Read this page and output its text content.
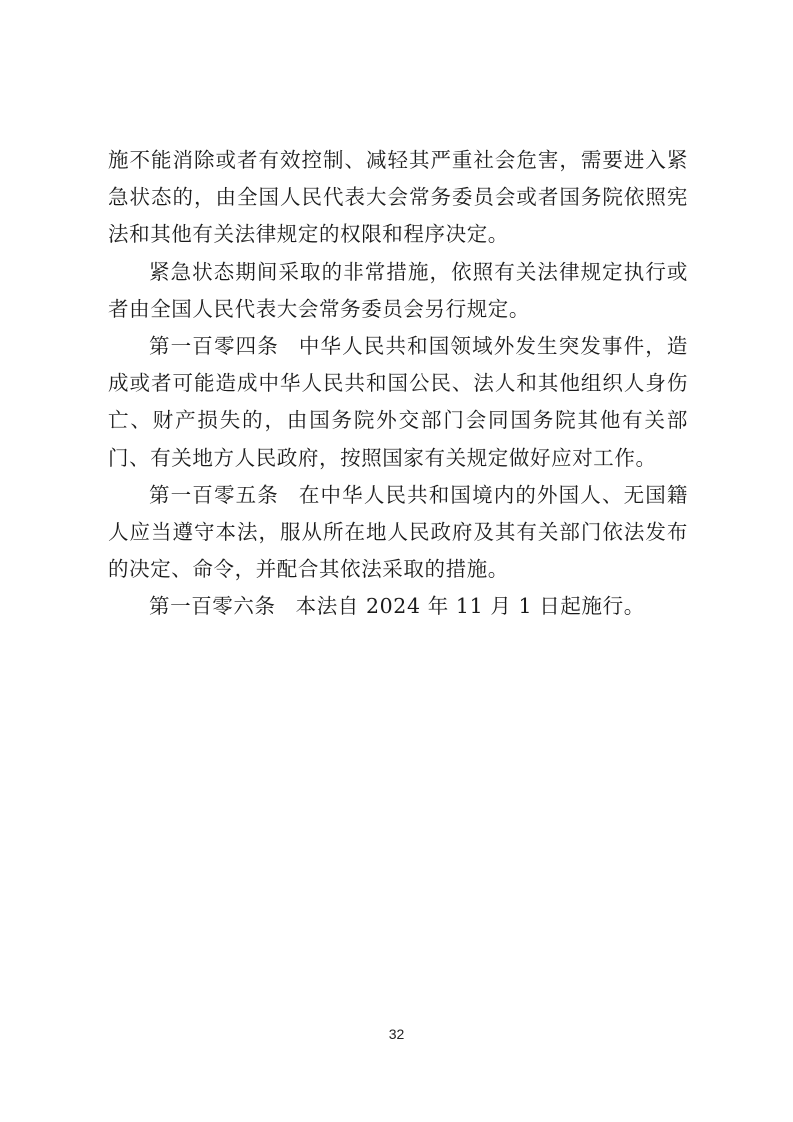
施不能消除或者有效控制、减轻其严重社会危害，需要进入紧急状态的，由全国人民代表大会常务委员会或者国务院依照宪法和其他有关法律规定的权限和程序决定。

紧急状态期间采取的非常措施，依照有关法律规定执行或者由全国人民代表大会常务委员会另行规定。

第一百零四条 中华人民共和国领域外发生突发事件，造成或者可能造成中华人民共和国公民、法人和其他组织人身伤亡、财产损失的，由国务院外交部门会同国务院其他有关部门、有关地方人民政府，按照国家有关规定做好应对工作。

第一百零五条 在中华人民共和国境内的外国人、无国籍人应当遵守本法，服从所在地人民政府及其有关部门依法发布的决定、命令，并配合其依法采取的措施。

第一百零六条 本法自 2024 年 11 月 1 日起施行。

32
